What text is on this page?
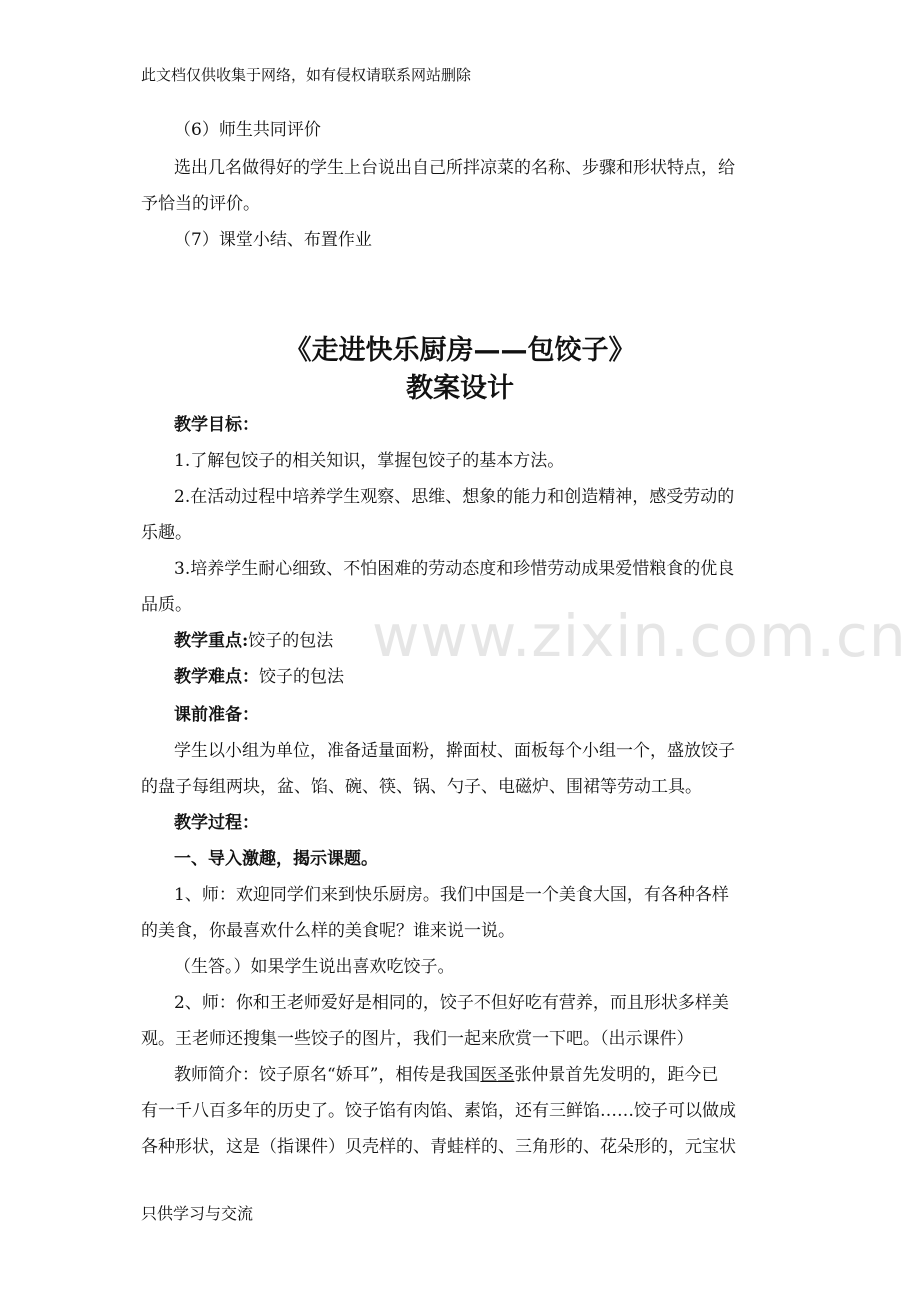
www.zixin.com.cn
此文档仅供收集于网络，如有侵权请联系网站删除
（6）师生共同评价
选出几名做得好的学生上台说出自己所拌凉菜的名称、步骤和形状特点，给
予恰当的评价。
（7）课堂小结、布置作业
《走进快乐厨房——包饺子》
教案设计
教学目标：
1.了解包饺子的相关知识，掌握包饺子的基本方法。
2.在活动过程中培养学生观察、思维、想象的能力和创造精神，感受劳动的
乐趣。
3.培养学生耐心细致、不怕困难的劳动态度和珍惜劳动成果爱惜粮食的优良
品质。
教学重点:饺子的包法
教学难点：饺子的包法
课前准备：
学生以小组为单位，准备适量面粉，擀面杖、面板每个小组一个，盛放饺子
的盘子每组两块，盆、馅、碗、筷、锅、勺子、电磁炉、围裙等劳动工具。
教学过程：
一、导入激趣，揭示课题。
1、师：欢迎同学们来到快乐厨房。我们中国是一个美食大国，有各种各样
的美食，你最喜欢什么样的美食呢？谁来说一说。
（生答。）如果学生说出喜欢吃饺子。
2、师：你和王老师爱好是相同的，饺子不但好吃有营养，而且形状多样美
观。王老师还搜集一些饺子的图片，我们一起来欣赏一下吧。（出示课件）
教师简介：饺子原名“娇耳”，相传是我国医圣张仲景首先发明的，距今已
有一千八百多年的历史了。饺子馅有肉馅、素馅，还有三鲜馅……饺子可以做成
各种形状，这是（指课件）贝壳样的、青蛙样的、三角形的、花朵形的，元宝状
只供学习与交流
